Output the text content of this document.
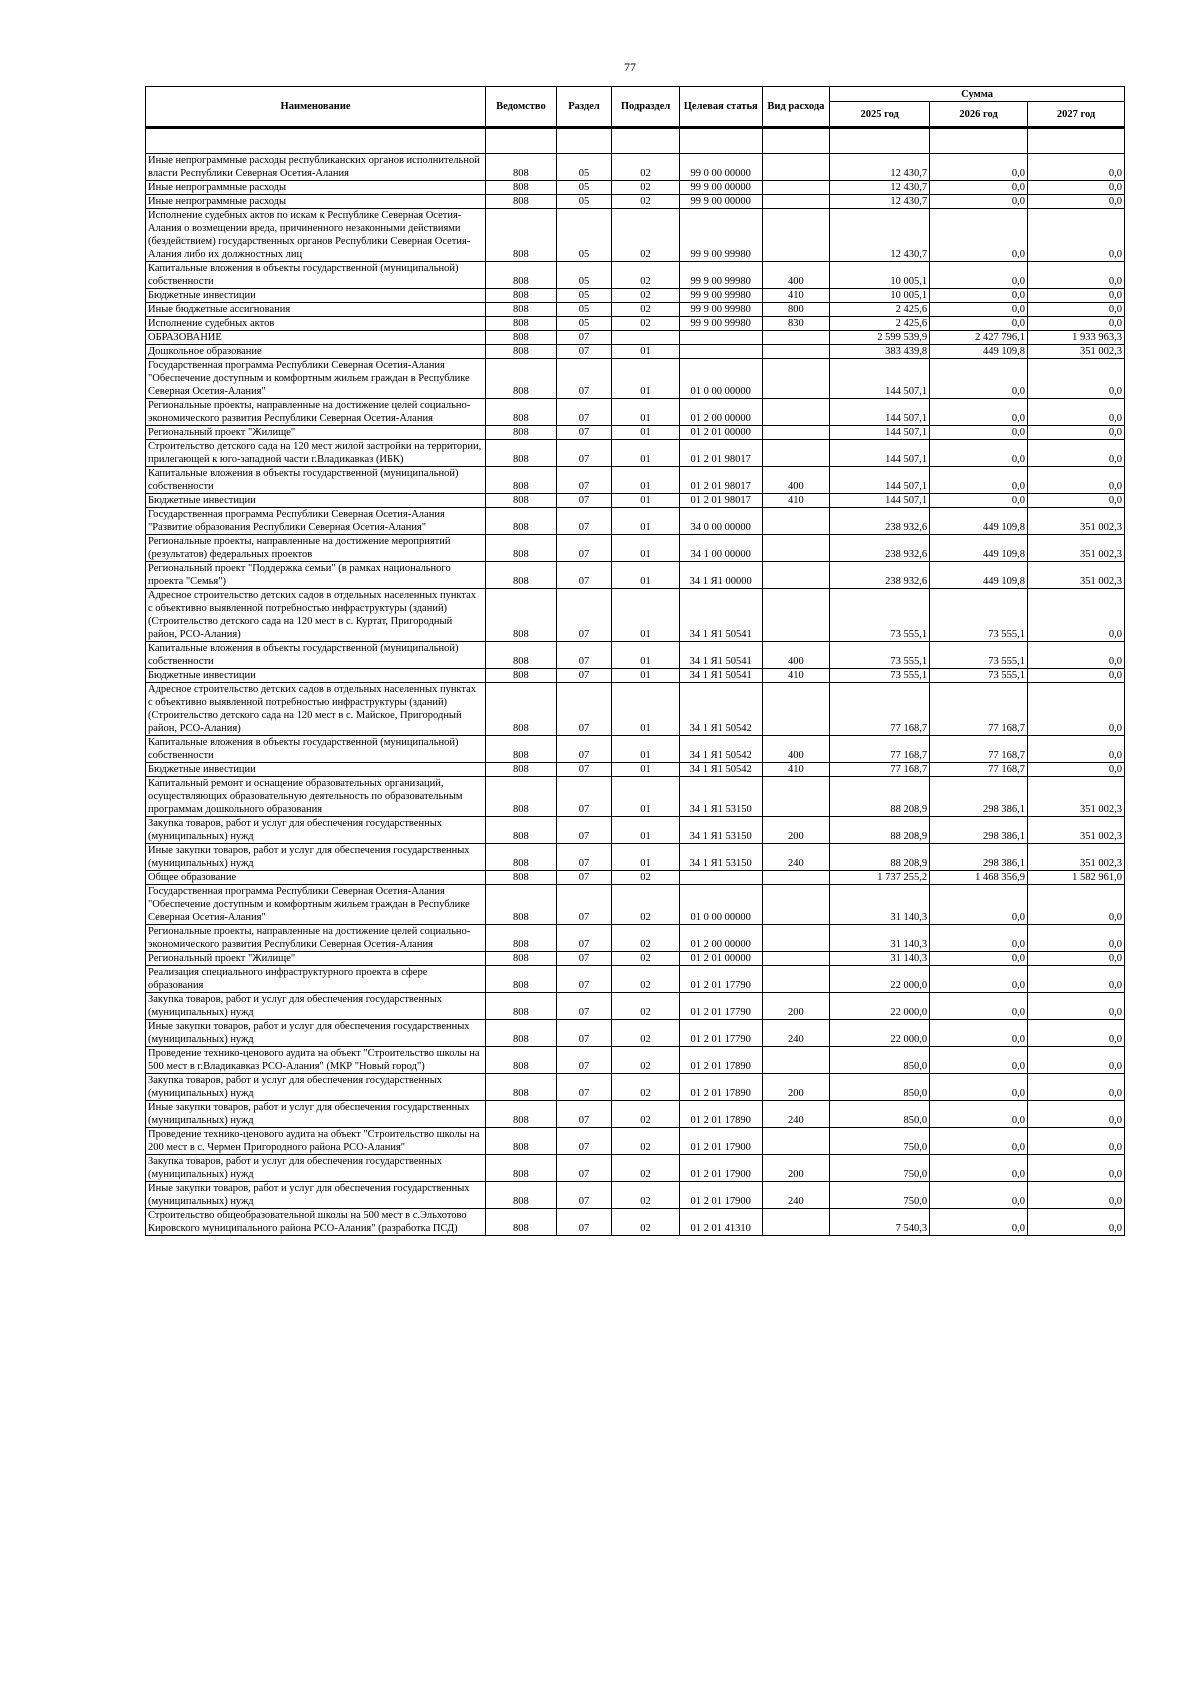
77
Наименование	Ведомство	Раздел	Подраздел	Целевая статья	Вид расхода	Сумма		
						2025 год	2026 год	2027 год

Иные непрограммные расходы республиканских органов исполнительной власти Республики Северная Осетия-Алания	808	05	02	99 0 00 00000		12 430,7	0,0	0,0
Иные непрограммные расходы	808	05	02	99 9 00 00000		12 430,7	0,0	0,0
Иные непрограммные расходы	808	05	02	99 9 00 00000		12 430,7	0,0	0,0
Исполнение судебных актов по искам к Республике Северная Осетия-Алания о возмещении вреда, причиненного незаконными действиями (бездействием) государственных органов Республики Северная Осетия-Алания либо их должностных лиц	808	05	02	99 9 00 99980		12 430,7	0,0	0,0
Капитальные вложения в объекты государственной (муниципальной) собственности	808	05	02	99 9 00 99980	400	10 005,1	0,0	0,0
Бюджетные инвестиции	808	05	02	99 9 00 99980	410	10 005,1	0,0	0,0
Иные бюджетные ассигнования	808	05	02	99 9 00 99980	800	2 425,6	0,0	0,0
Исполнение судебных актов	808	05	02	99 9 00 99980	830	2 425,6	0,0	0,0
ОБРАЗОВАНИЕ	808	07				2 599 539,9	2 427 796,1	1 933 963,3
Дошкольное образование	808	07	01			383 439,8	449 109,8	351 002,3
Государственная программа Республики Северная Осетия-Алания "Обеспечение доступным и комфортным жильем граждан в Республике Северная Осетия-Алания"	808	07	01	01 0 00 00000		144 507,1	0,0	0,0
Региональные проекты, направленные на достижение целей социально-экономического развития Республики Северная Осетия-Алания	808	07	01	01 2 00 00000		144 507,1	0,0	0,0
Региональный проект "Жилище"	808	07	01	01 2 01 00000		144 507,1	0,0	0,0
Строительство детского сада на 120 мест жилой застройки на территории, прилегающей к юго-западной части г.Владикавказ (ИБК)	808	07	01	01 2 01 98017		144 507,1	0,0	0,0
Капитальные вложения в объекты государственной (муниципальной) собственности	808	07	01	01 2 01 98017	400	144 507,1	0,0	0,0
Бюджетные инвестиции	808	07	01	01 2 01 98017	410	144 507,1	0,0	0,0
Государственная программа Республики Северная Осетия-Алания "Развитие образования Республики Северная Осетия-Алания"	808	07	01	34 0 00 00000		238 932,6	449 109,8	351 002,3
Региональные проекты, направленные на достижение мероприятий (результатов) федеральных проектов	808	07	01	34 1 00 00000		238 932,6	449 109,8	351 002,3
Региональный проект "Поддержка семьи" (в рамках национального проекта "Семья")	808	07	01	34 1 Я1 00000		238 932,6	449 109,8	351 002,3
Адресное строительство детских садов в отдельных населенных пунктах с объективно выявленной потребностью инфраструктуры (зданий)(Строительство детского сада на 120 мест в с. Куртат, Пригородный район, РСО-Алания)	808	07	01	34 1 Я1 50541		73 555,1	73 555,1	0,0
Капитальные вложения в объекты государственной (муниципальной) собственности	808	07	01	34 1 Я1 50541	400	73 555,1	73 555,1	0,0
Бюджетные инвестиции	808	07	01	34 1 Я1 50541	410	73 555,1	73 555,1	0,0
Адресное строительство детских садов в отдельных населенных пунктах с объективно выявленной потребностью инфраструктуры (зданий) (Строительство детского сада на 120 мест в с. Майское, Пригородный район, РСО-Алания)	808	07	01	34 1 Я1 50542		77 168,7	77 168,7	0,0
Капитальные вложения в объекты государственной (муниципальной) собственности	808	07	01	34 1 Я1 50542	400	77 168,7	77 168,7	0,0
Бюджетные инвестиции	808	07	01	34 1 Я1 50542	410	77 168,7	77 168,7	0,0
Капитальный ремонт и оснащение образовательных организаций, осуществляющих образовательную деятельность по образовательным программам дошкольного образования	808	07	01	34 1 Я1 53150		88 208,9	298 386,1	351 002,3
Закупка товаров, работ и услуг для обеспечения государственных (муниципальных) нужд	808	07	01	34 1 Я1 53150	200	88 208,9	298 386,1	351 002,3
Иные закупки товаров, работ и услуг для обеспечения государственных (муниципальных) нужд	808	07	01	34 1 Я1 53150	240	88 208,9	298 386,1	351 002,3
Общее образование	808	07	02			1 737 255,2	1 468 356,9	1 582 961,0
Государственная программа Республики Северная Осетия-Алания "Обеспечение доступным и комфортным жильем граждан в Республике Северная Осетия-Алания"	808	07	02	01 0 00 00000		31 140,3	0,0	0,0
Региональные проекты, направленные на достижение целей социально-экономического развития Республики Северная Осетия-Алания	808	07	02	01 2 00 00000		31 140,3	0,0	0,0
Региональный проект "Жилище"	808	07	02	01 2 01 00000		31 140,3	0,0	0,0
Реализация специального инфраструктурного проекта в сфере образования	808	07	02	01 2 01 17790		22 000,0	0,0	0,0
Закупка товаров, работ и услуг для обеспечения государственных (муниципальных) нужд	808	07	02	01 2 01 17790	200	22 000,0	0,0	0,0
Иные закупки товаров, работ и услуг для обеспечения государственных (муниципальных) нужд	808	07	02	01 2 01 17790	240	22 000,0	0,0	0,0
Проведение технико-ценового аудита на объект "Строительство школы на 500 мест в г.Владикавказ РСО-Алания" (МКР "Новый город")	808	07	02	01 2 01 17890		850,0	0,0	0,0
Закупка товаров, работ и услуг для обеспечения государственных (муниципальных) нужд	808	07	02	01 2 01 17890	200	850,0	0,0	0,0
Иные закупки товаров, работ и услуг для обеспечения государственных (муниципальных) нужд	808	07	02	01 2 01 17890	240	850,0	0,0	0,0
Проведение технико-ценового аудита на объект "Строительство школы на 200 мест в с. Чермен Пригородного района РСО-Алания"	808	07	02	01 2 01 17900		750,0	0,0	0,0
Закупка товаров, работ и услуг для обеспечения государственных (муниципальных) нужд	808	07	02	01 2 01 17900	200	750,0	0,0	0,0
Иные закупки товаров, работ и услуг для обеспечения государственных (муниципальных) нужд	808	07	02	01 2 01 17900	240	750,0	0,0	0,0
Строительство общеобразовательной школы на 500 мест в с.Эльхотово Кировского муниципального района РСО-Алания" (разработка ПСД)	808	07	02	01 2 01 41310		7 540,3	0,0	0,0
